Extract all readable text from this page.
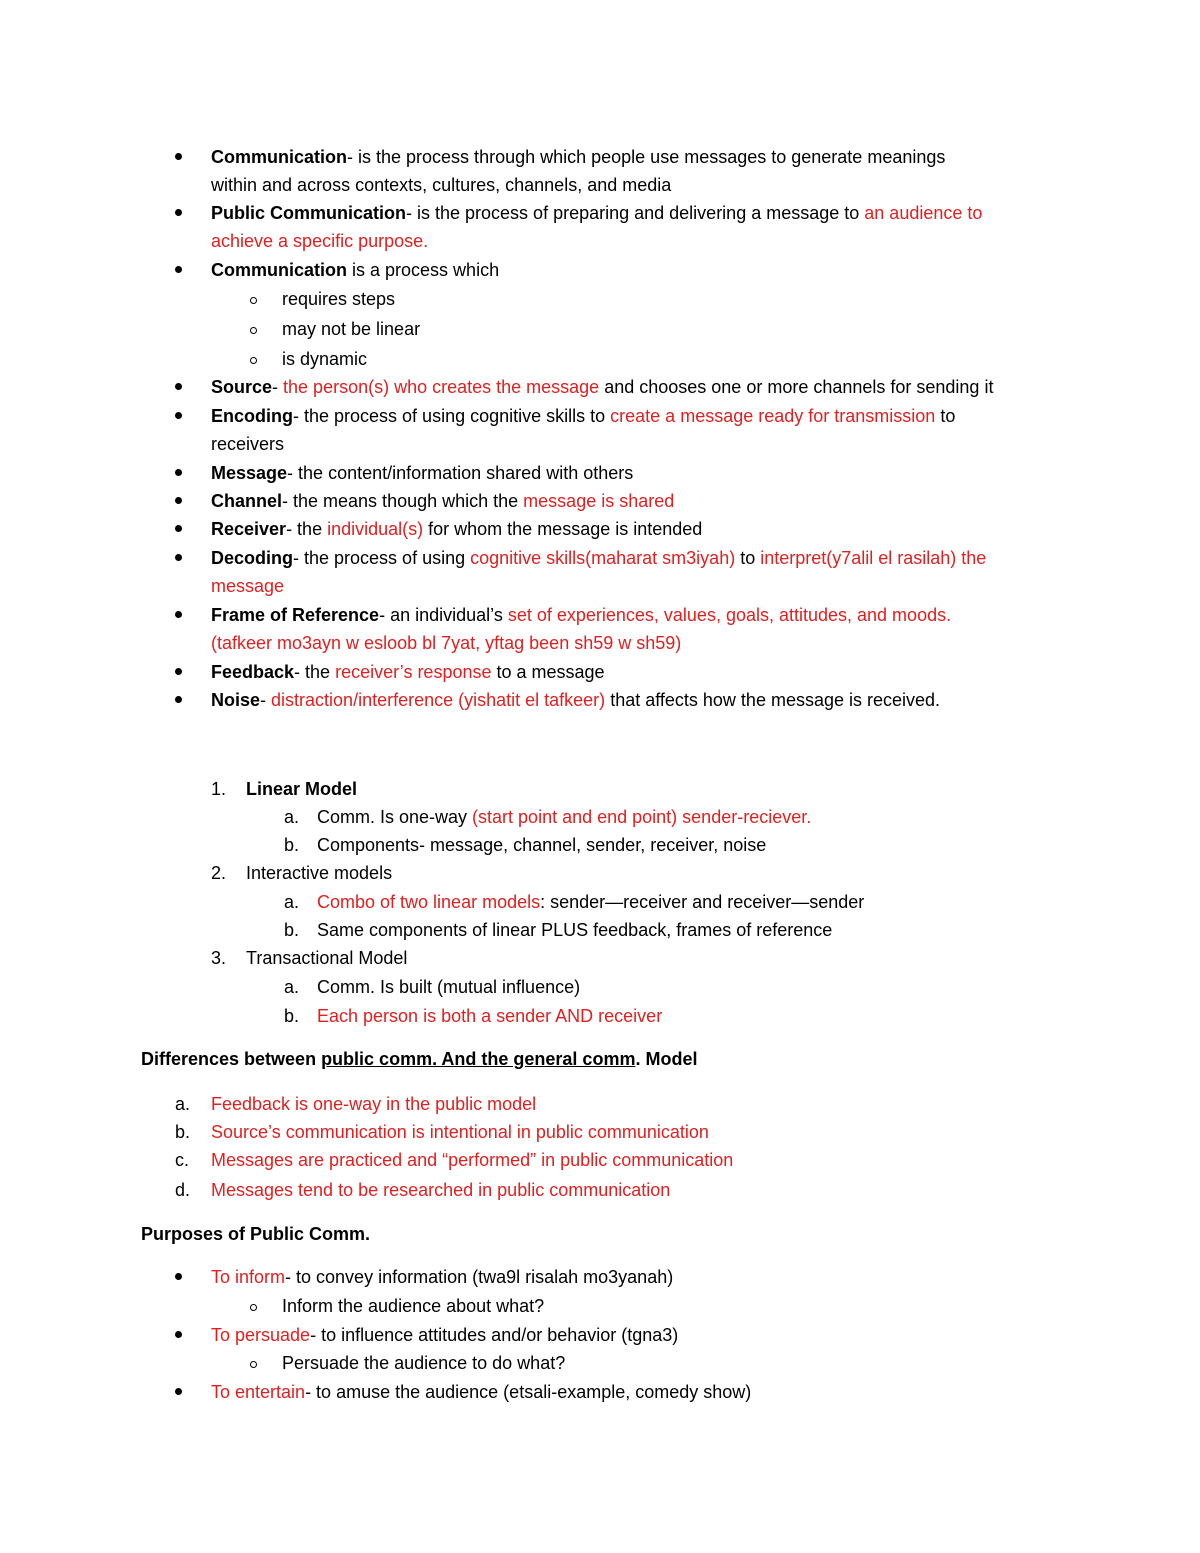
Communication- is the process through which people use messages to generate meanings
within and across contexts, cultures, channels, and media
Public Communication- is the process of preparing and delivering a message to an audience to
achieve a specific purpose.
Communication is a process which
requires steps
may not be linear
is dynamic
Source- the person(s) who creates the message and chooses one or more channels for sending it
Encoding- the process of using cognitive skills to create a message ready for transmission to
receivers
Message- the content/information shared with others
Channel- the means though which the message is shared
Receiver- the individual(s) for whom the message is intended
Decoding- the process of using cognitive skills(maharat sm3iyah) to interpret(y7alil el rasilah) the
message
Frame of Reference- an individual’s set of experiences, values, goals, attitudes, and moods.
(tafkeer mo3ayn w esloob bl 7yat, yftag been sh59 w sh59)
Feedback- the receiver’s response to a message
Noise- distraction/interference (yishatit el tafkeer) that affects how the message is received.
1. Linear Model
a. Comm. Is one-way (start point and end point) sender-reciever.
b. Components- message, channel, sender, receiver, noise
2. Interactive models
a. Combo of two linear models: sender—receiver and receiver—sender
b. Same components of linear PLUS feedback, frames of reference
3. Transactional Model
a. Comm. Is built (mutual influence)
b. Each person is both a sender AND receiver
Differences between public comm. And the general comm. Model
a. Feedback is one-way in the public model
b. Source’s communication is intentional in public communication
c. Messages are practiced and “performed” in public communication
d. Messages tend to be researched in public communication
Purposes of Public Comm.
To inform- to convey information (twa9l risalah mo3yanah)
Inform the audience about what?
To persuade- to influence attitudes and/or behavior (tgna3)
Persuade the audience to do what?
To entertain- to amuse the audience (etsali-example, comedy show)
